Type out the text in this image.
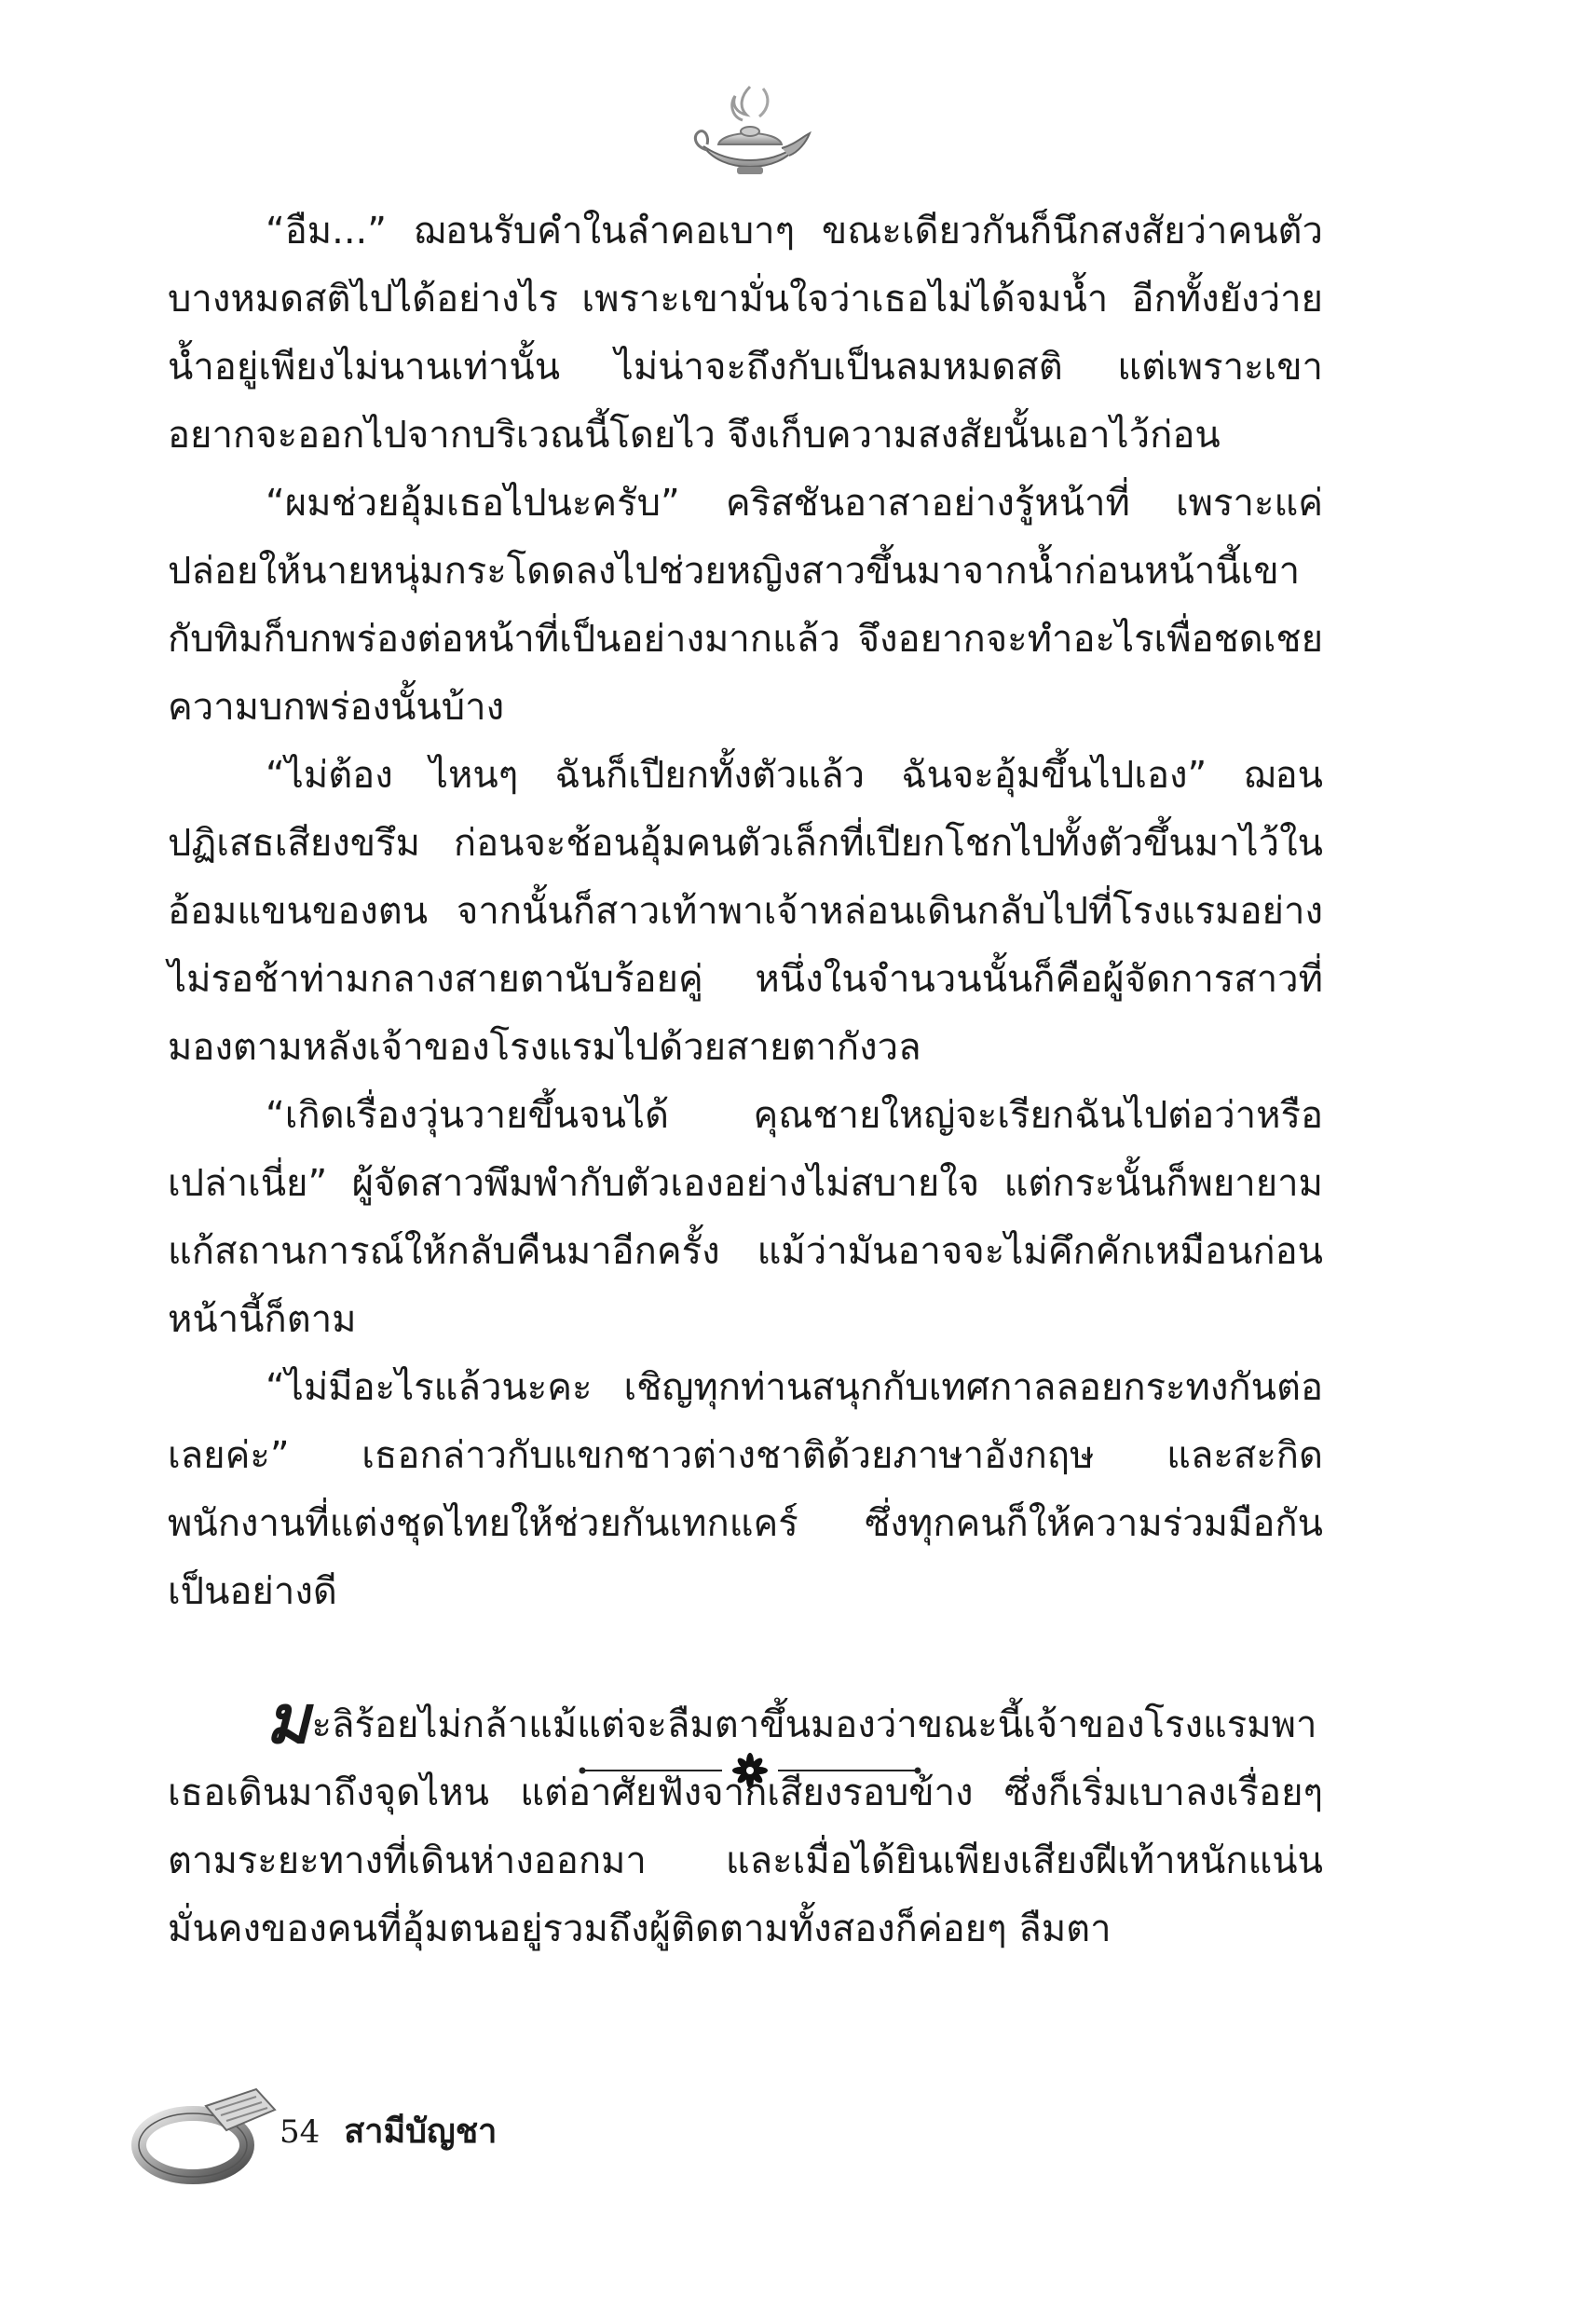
“อืม...” ฌอนรับคำในลำคอเบาๆ ขณะเดียวกันก็นึกสงสัยว่าคนตัวบางหมดสติไปได้อย่างไร เพราะเขามั่นใจว่าเธอไม่ได้จมน้ำ อีกทั้งยังว่ายน้ำอยู่เพียงไม่นานเท่านั้น ไม่น่าจะถึงกับเป็นลมหมดสติ แต่เพราะเขาอยากจะออกไปจากบริเวณนี้โดยไว จึงเก็บความสงสัยนั้นเอาไว้ก่อน

“ผมช่วยอุ้มเธอไปนะครับ” คริสชันอาสาอย่างรู้หน้าที่ เพราะแค่ปล่อยให้นายหนุ่มกระโดดลงไปช่วยหญิงสาวขึ้นมาจากน้ำก่อนหน้านี้เขากับทิมก็บกพร่องต่อหน้าที่เป็นอย่างมากแล้ว จึงอยากจะทำอะไรเพื่อชดเชยความบกพร่องนั้นบ้าง

“ไม่ต้อง ไหนๆ ฉันก็เปียกทั้งตัวแล้ว ฉันจะอุ้มขึ้นไปเอง” ฌอนปฏิเสธเสียงขรึม ก่อนจะช้อนอุ้มคนตัวเล็กที่เปียกโชกไปทั้งตัวขึ้นมาไว้ในอ้อมแขนของตน จากนั้นก็สาวเท้าพาเจ้าหล่อนเดินกลับไปที่โรงแรมอย่างไม่รอช้าท่ามกลางสายตานับร้อยคู่ หนึ่งในจำนวนนั้นก็คือผู้จัดการสาวที่มองตามหลังเจ้าของโรงแรมไปด้วยสายตากังวล

“เกิดเรื่องวุ่นวายขึ้นจนได้ คุณชายใหญ่จะเรียกฉันไปต่อว่าหรือเปล่าเนี่ย” ผู้จัดสาวพึมพำกับตัวเองอย่างไม่สบายใจ แต่กระนั้นก็พยายามแก้สถานการณ์ให้กลับคืนมาอีกครั้ง แม้ว่ามันอาจจะไม่คึกคักเหมือนก่อนหน้านี้ก็ตาม

“ไม่มีอะไรแล้วนะคะ เชิญทุกท่านสนุกกับเทศกาลลอยกระทงกันต่อเลยค่ะ” เธอกล่าวกับแขกชาวต่างชาติด้วยภาษาอังกฤษ และสะกิดพนักงานที่แต่งชุดไทยให้ช่วยกันเทกแคร์ ซึ่งทุกคนก็ให้ความร่วมมือกันเป็นอย่างดี

มะลิร้อยไม่กล้าแม้แต่จะลืมตาขึ้นมองว่าขณะนี้เจ้าของโรงแรมพาเธอเดินมาถึงจุดไหน แต่อาศัยฟังจากเสียงรอบข้าง ซึ่งก็เริ่มเบาลงเรื่อยๆ ตามระยะทางที่เดินห่างออกมา และเมื่อได้ยินเพียงเสียงฝีเท้าหนักแน่นมั่นคงของคนที่อุ้มตนอยู่รวมถึงผู้ติดตามทั้งสองก็ค่อยๆ ลืมตา

54 สามีบัญชา
